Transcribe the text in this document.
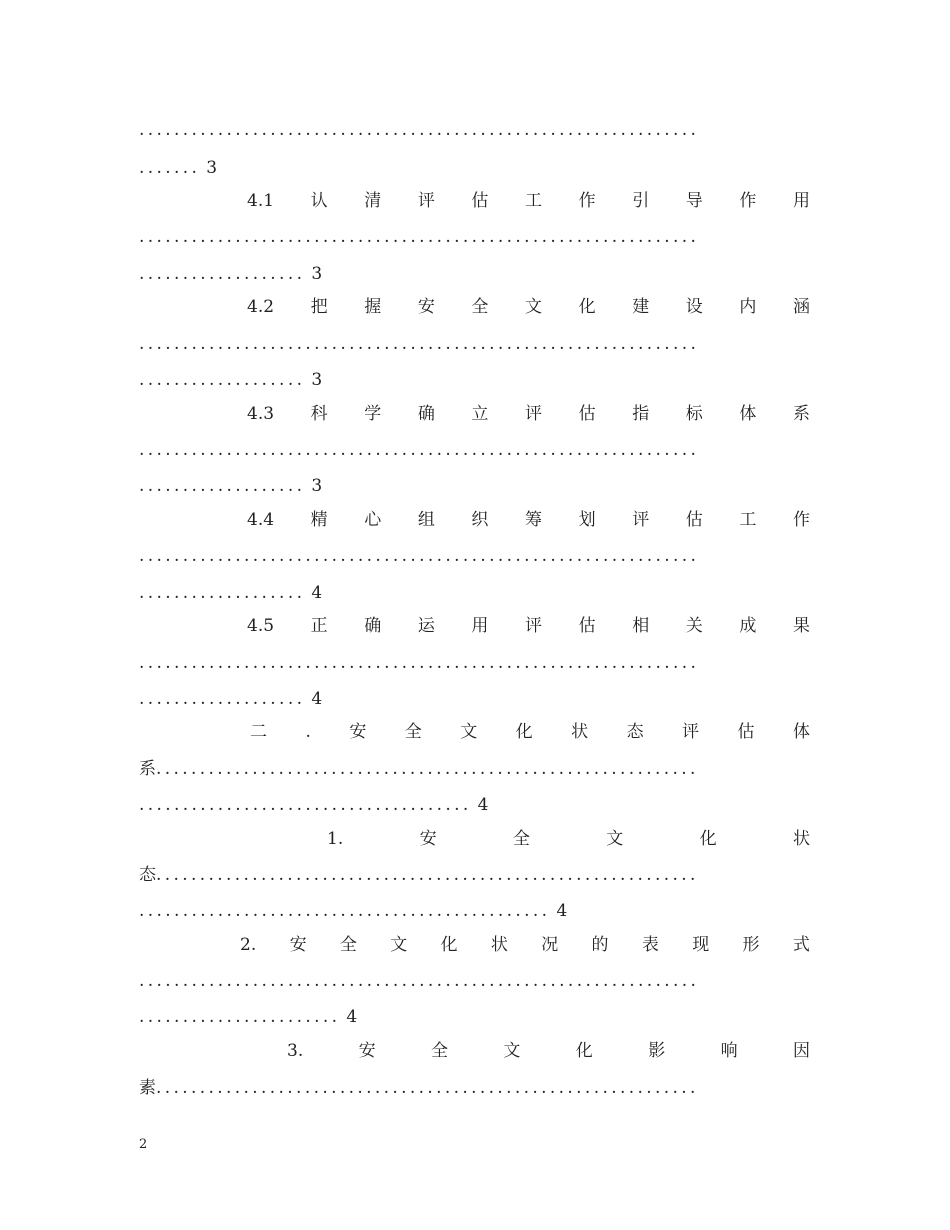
................................................................
....... 3
4.1 认 清 评 估 工 作 引 导 作 用
................................................................
................... 3
4.2 把 握 安 全 文 化 建 设 内 涵
................................................................
................... 3
4.3 科 学 确 立 评 估 指 标 体 系
................................................................
................... 3
4.4 精 心 组 织 筹 划 评 估 工 作
................................................................
................... 4
4.5 正 确 运 用 评 估 相 关 成 果
................................................................
................... 4
二 . 安 全 文 化 状 态 评 估 体
系..............................................................
...................................... 4
1.	安	全	文	化	状
态..............................................................
............................................... 4
2. 安 全 文 化 状 况 的 表 现 形 式
................................................................
....................... 4
3.	安	全	文	化	影	响	因
素..............................................................
2
